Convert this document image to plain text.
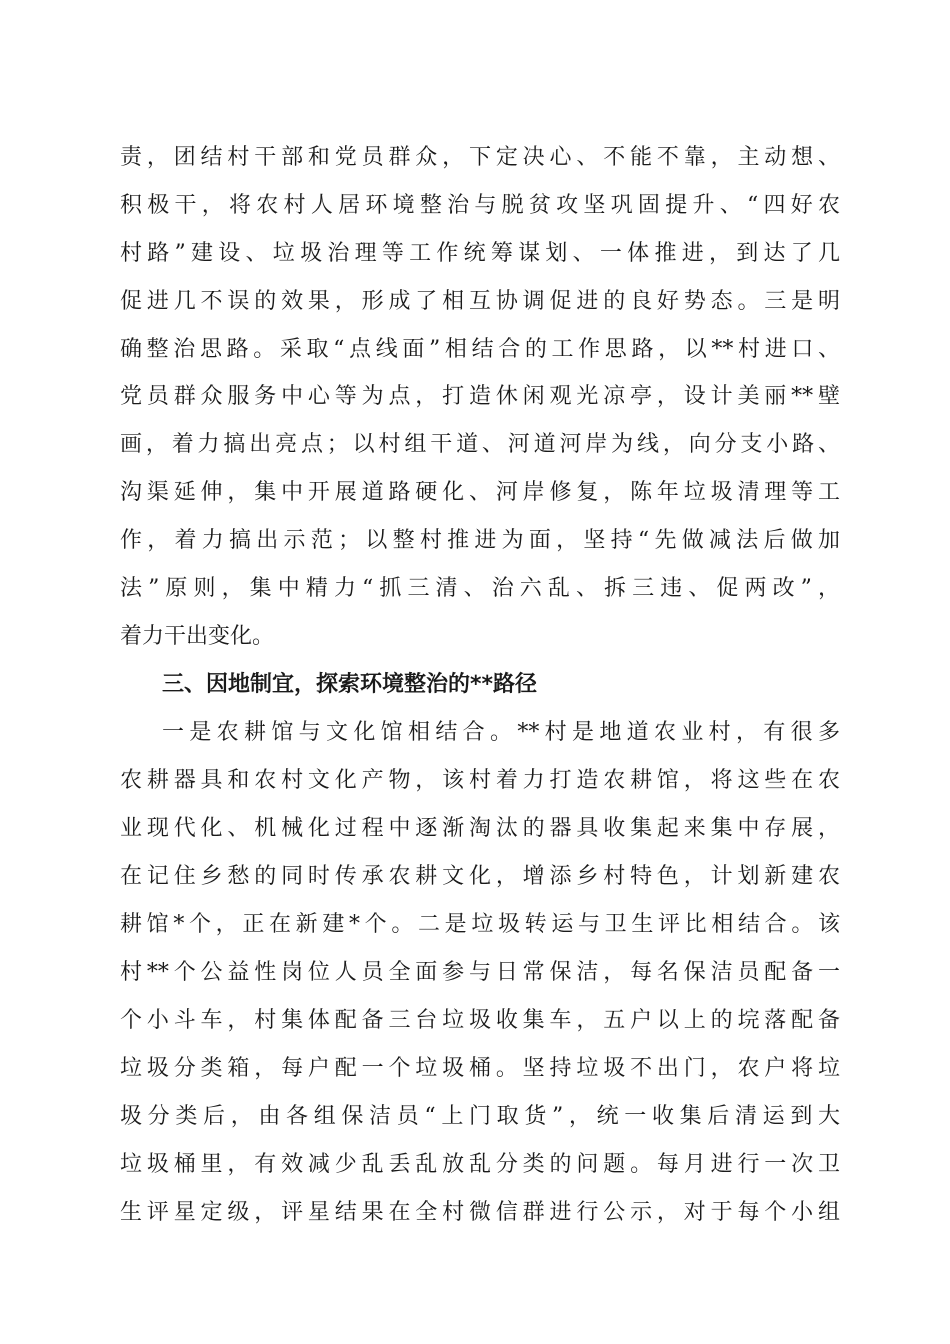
责，团结村干部和党员群众，下定决心、不能不靠，主动想、
积极干，将农村人居环境整治与脱贫攻坚巩固提升、“四好农
村路”建设、垃圾治理等工作统筹谋划、一体推进，到达了几
促进几不误的效果，形成了相互协调促进的良好势态。三是明
确整治思路。采取“点线面”相结合的工作思路，以**村进口、
党员群众服务中心等为点，打造休闲观光凉亭，设计美丽**壁
画，着力搞出亮点；以村组干道、河道河岸为线，向分支小路、
沟渠延伸，集中开展道路硬化、河岸修复，陈年垃圾清理等工
作，着力搞出示范；以整村推进为面，坚持“先做减法后做加
法”原则，集中精力“抓三清、治六乱、拆三违、促两改”，
着力干出变化。
三、因地制宜，探索环境整治的**路径
一是农耕馆与文化馆相结合。**村是地道农业村，有很多
农耕器具和农村文化产物，该村着力打造农耕馆，将这些在农
业现代化、机械化过程中逐渐淘汰的器具收集起来集中存展，
在记住乡愁的同时传承农耕文化，增添乡村特色，计划新建农
耕馆*个，正在新建*个。二是垃圾转运与卫生评比相结合。该
村**个公益性岗位人员全面参与日常保洁，每名保洁员配备一
个小斗车，村集体配备三台垃圾收集车，五户以上的垸落配备
垃圾分类箱，每户配一个垃圾桶。坚持垃圾不出门，农户将垃
圾分类后，由各组保洁员“上门取货”，统一收集后清运到大
垃圾桶里，有效减少乱丢乱放乱分类的问题。每月进行一次卫
生评星定级，评星结果在全村微信群进行公示，对于每个小组
